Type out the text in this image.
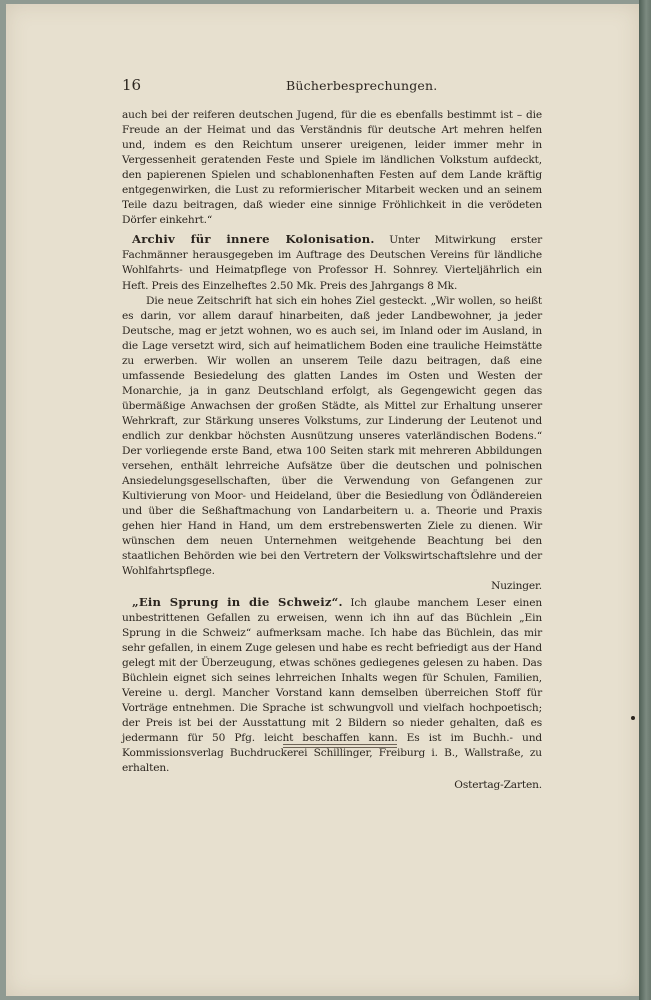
16	Bücherbesprechungen.

auch bei der reiferen deutschen Jugend, für die es ebenfalls bestimmt ist – die Freude an der Heimat und das Verständnis für deutsche Art mehren helfen und, indem es den Reichtum unserer ureigenen, leider immer mehr in Vergessenheit geratenden Feste und Spiele im ländlichen Volkstum aufdeckt, den papierenen Spielen und schablonenhaften Festen auf dem Lande kräftig entgegenwirken, die Lust zu reformierischer Mitarbeit wecken und an seinem Teile dazu beitragen, daß wieder eine sinnige Fröhlichkeit in die verödeten Dörfer einkehrt.“

Archiv für innere Kolonisation. Unter Mitwirkung erster Fachmänner herausgegeben im Auftrage des Deutschen Vereins für ländliche Wohlfahrts- und Heimatpflege von Professor H. Sohnrey. Vierteljährlich ein Heft. Preis des Einzelheftes 2.50 Mk. Preis des Jahrgangs 8 Mk.

Die neue Zeitschrift hat sich ein hohes Ziel gesteckt. „Wir wollen, so heißt es darin, vor allem darauf hinarbeiten, daß jeder Landbewohner, ja jeder Deutsche, mag er jetzt wohnen, wo es auch sei, im Inland oder im Ausland, in die Lage versetzt wird, sich auf heimatlichem Boden eine trauliche Heimstätte zu erwerben. Wir wollen an unserem Teile dazu beitragen, daß eine umfassende Besiedelung des glatten Landes im Osten und Westen der Monarchie, ja in ganz Deutschland erfolgt, als Gegengewicht gegen das übermäßige Anwachsen der großen Städte, als Mittel zur Erhaltung unserer Wehrkraft, zur Stärkung unseres Volkstums, zur Linderung der Leutenot und endlich zur denkbar höchsten Ausnützung unseres vaterländischen Bodens.“ Der vorliegende erste Band, etwa 100 Seiten stark mit mehreren Abbildungen versehen, enthält lehrreiche Aufsätze über die deutschen und polnischen Ansiedelungsgesellschaften, über die Verwendung von Gefangenen zur Kultivierung von Moor- und Heideland, über die Besiedlung von Ödländereien und über die Seßhaftmachung von Landarbeitern u. a. Theorie und Praxis gehen hier Hand in Hand, um dem erstrebenswerten Ziele zu dienen. Wir wünschen dem neuen Unternehmen weitgehende Beachtung bei den staatlichen Behörden wie bei den Vertretern der Volkswirtschaftslehre und der Wohlfahrtspflege.

Nuzinger.

„Ein Sprung in die Schweiz“. Ich glaube manchem Leser einen unbestrittenen Gefallen zu erweisen, wenn ich ihn auf das Büchlein „Ein Sprung in die Schweiz“ aufmerksam mache. Ich habe das Büchlein, das mir sehr gefallen, in einem Zuge gelesen und habe es recht befriedigt aus der Hand gelegt mit der Überzeugung, etwas schönes gediegenes gelesen zu haben. Das Büchlein eignet sich seines lehrreichen Inhalts wegen für Schulen, Familien, Vereine u. dergl. Mancher Vorstand kann demselben überreichen Stoff für Vorträge entnehmen. Die Sprache ist schwungvoll und vielfach hochpoetisch; der Preis ist bei der Ausstattung mit 2 Bildern so nieder gehalten, daß es jedermann für 50 Pfg. leicht beschaffen kann. Es ist im Buchh.- und Kommissionsverlag Buchdruckerei Schillinger, Freiburg i. B., Wallstraße, zu erhalten.

Ostertag-Zarten.
